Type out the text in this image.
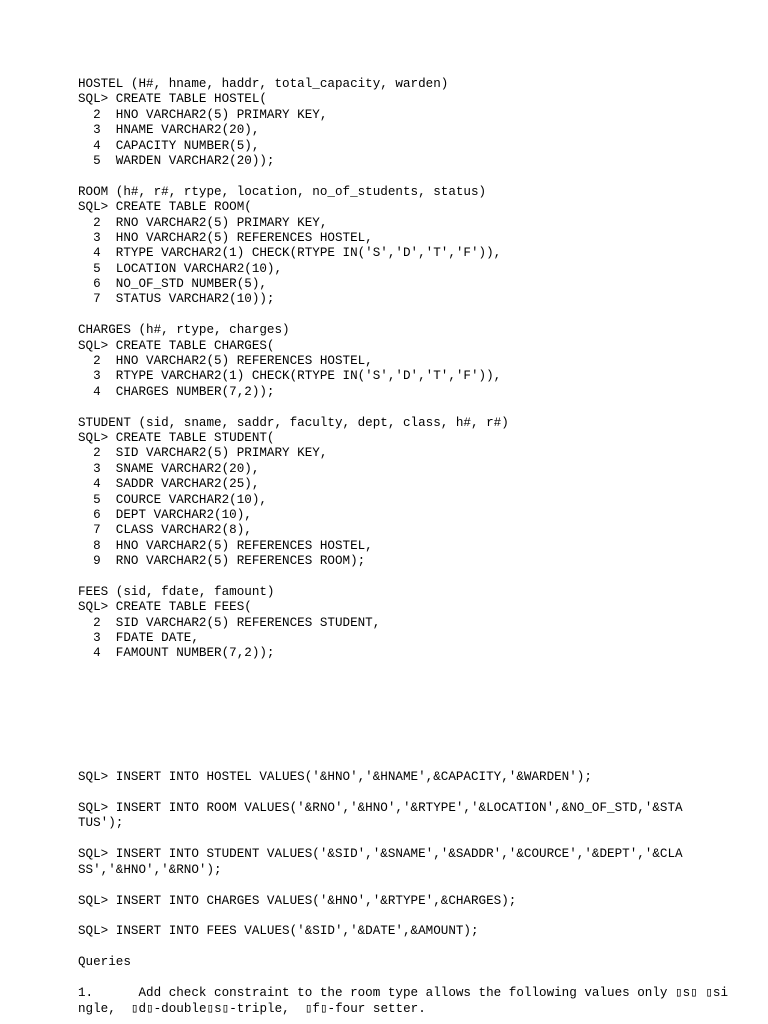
HOSTEL (H#, hname, haddr, total_capacity, warden)
SQL> CREATE TABLE HOSTEL(
2  HNO VARCHAR2(5) PRIMARY KEY,
3  HNAME VARCHAR2(20),
4  CAPACITY NUMBER(5),
5  WARDEN VARCHAR2(20));
ROOM (h#, r#, rtype, location, no_of_students, status)
SQL> CREATE TABLE ROOM(
2  RNO VARCHAR2(5) PRIMARY KEY,
3  HNO VARCHAR2(5) REFERENCES HOSTEL,
4  RTYPE VARCHAR2(1) CHECK(RTYPE IN('S','D','T','F')),
5  LOCATION VARCHAR2(10),
6  NO_OF_STD NUMBER(5),
7  STATUS VARCHAR2(10));
CHARGES (h#, rtype, charges)
SQL> CREATE TABLE CHARGES(
2  HNO VARCHAR2(5) REFERENCES HOSTEL,
3  RTYPE VARCHAR2(1) CHECK(RTYPE IN('S','D','T','F')),
4  CHARGES NUMBER(7,2));
STUDENT (sid, sname, saddr, faculty, dept, class, h#, r#)
SQL> CREATE TABLE STUDENT(
2  SID VARCHAR2(5) PRIMARY KEY,
3  SNAME VARCHAR2(20),
4  SADDR VARCHAR2(25),
5  COURCE VARCHAR2(10),
6  DEPT VARCHAR2(10),
7  CLASS VARCHAR2(8),
8  HNO VARCHAR2(5) REFERENCES HOSTEL,
9  RNO VARCHAR2(5) REFERENCES ROOM);
FEES (sid, fdate, famount)
SQL> CREATE TABLE FEES(
2  SID VARCHAR2(5) REFERENCES STUDENT,
3  FDATE DATE,
4  FAMOUNT NUMBER(7,2));
SQL> INSERT INTO HOSTEL VALUES('&HNO','&HNAME',&CAPACITY,'&WARDEN');
SQL> INSERT INTO ROOM VALUES('&RNO','&HNO','&RTYPE','&LOCATION',&NO_OF_STD,'&STA
TUS');
SQL> INSERT INTO STUDENT VALUES('&SID','&SNAME','&SADDR','&COURCE','&DEPT','&CLA
SS','&HNO','&RNO');
SQL> INSERT INTO CHARGES VALUES('&HNO','&RTYPE',&CHARGES);
SQL> INSERT INTO FEES VALUES('&SID','&DATE',&AMOUNT);
Queries
1.      Add check constraint to the room type allows the following values only ▯s▯ ▯si
ngle,  ▯d▯-double▯s▯-triple,  ▯f▯-four setter.
